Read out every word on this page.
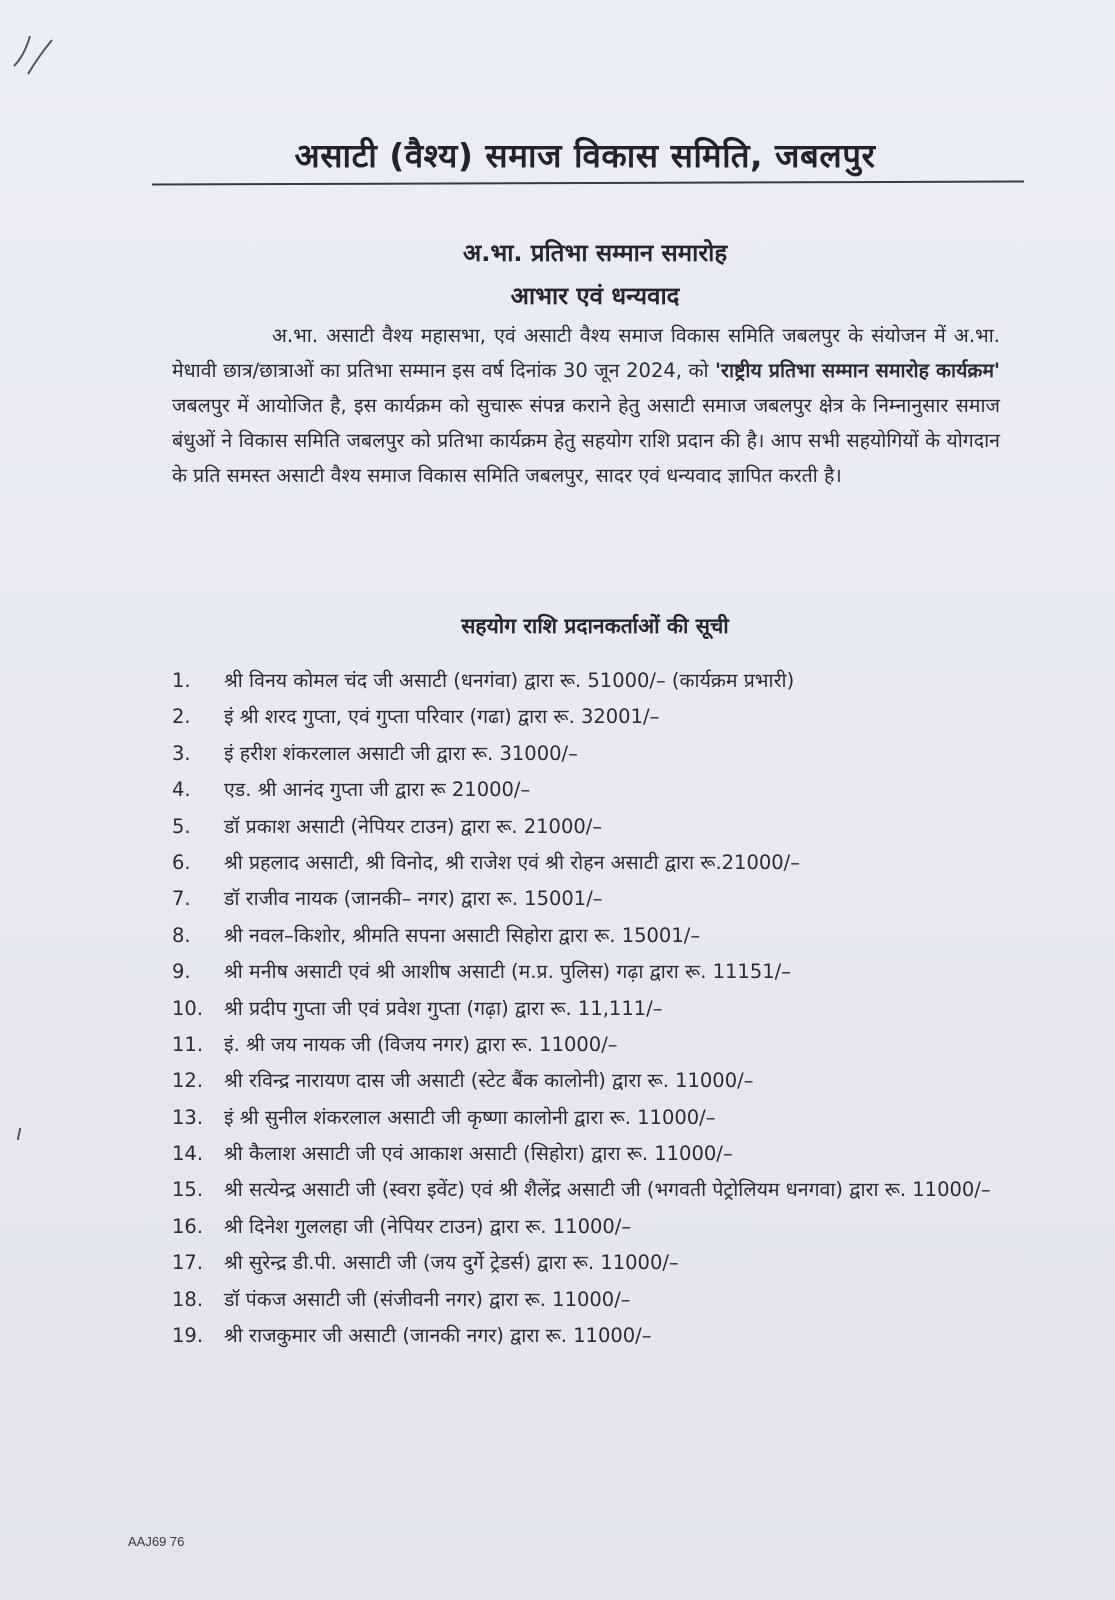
असाटी (वैश्य) समाज विकास समिति, जबलपुर
अ.भा. प्रतिभा सम्मान समारोह
आभार एवं धन्यवाद
अ.भा. असाटी वैश्य महासभा, एवं असाटी वैश्य समाज विकास समिति जबलपुर के संयोजन में अ.भा. मेधावी छात्र/छात्राओं का प्रतिभा सम्मान इस वर्ष दिनांक 30 जून 2024, को 'राष्ट्रीय प्रतिभा सम्मान समारोह कार्यक्रम' जबलपुर में आयोजित है, इस कार्यक्रम को सुचारू संपन्न कराने हेतु असाटी समाज जबलपुर क्षेत्र के निम्नानुसार समाज बंधुओं ने विकास समिति जबलपुर को प्रतिभा कार्यक्रम हेतु सहयोग राशि प्रदान की है। आप सभी सहयोगियों के योगदान के प्रति समस्त असाटी वैश्य समाज विकास समिति जबलपुर, सादर एवं धन्यवाद ज्ञापित करती है।
सहयोग राशि प्रदानकर्ताओं की सूची
1.	श्री विनय कोमल चंद जी असाटी (धनगंवा) द्वारा रू. 51000/– (कार्यक्रम प्रभारी)
2.	इं श्री शरद गुप्ता, एवं गुप्ता परिवार (गढा) द्वारा रू. 32001/–
3.	इं हरीश शंकरलाल असाटी जी द्वारा रू. 31000/–
4.	एड. श्री आनंद गुप्ता जी द्वारा रू 21000/–
5.	डॉ प्रकाश असाटी (नेपियर टाउन) द्वारा रू. 21000/–
6.	श्री प्रहलाद असाटी, श्री विनोद, श्री राजेश एवं श्री रोहन असाटी द्वारा रू.21000/–
7.	डॉ राजीव नायक (जानकी– नगर) द्वारा रू. 15001/–
8.	श्री नवल–किशोर, श्रीमति सपना असाटी सिहोरा द्वारा रू. 15001/–
9.	श्री मनीष असाटी एवं श्री आशीष असाटी (म.प्र. पुलिस) गढ़ा द्वारा रू. 11151/–
10.	श्री प्रदीप गुप्ता जी एवं प्रवेश गुप्ता (गढ़ा) द्वारा रू. 11,111/–
11.	इं. श्री जय नायक जी (विजय नगर) द्वारा रू. 11000/–
12.	श्री रविन्द्र नारायण दास जी असाटी (स्टेट बैंक कालोनी) द्वारा रू. 11000/–
13.	इं श्री सुनील शंकरलाल असाटी जी कृष्णा कालोनी द्वारा रू. 11000/–
14.	श्री कैलाश असाटी जी एवं आकाश असाटी (सिहोरा) द्वारा रू. 11000/–
15.	श्री सत्येन्द्र असाटी जी (स्वरा इवेंट) एवं श्री शैलेंद्र असाटी जी (भगवती पेट्रोलियम धनगवा) द्वारा रू. 11000/–
16.	श्री दिनेश गुललहा जी (नेपियर टाउन) द्वारा रू. 11000/–
17.	श्री सुरेन्द्र डी.पी. असाटी जी (जय दुर्गे ट्रेडर्स) द्वारा रू. 11000/–
18.	डॉ पंकज असाटी जी (संजीवनी नगर) द्वारा रू. 11000/–
19.	श्री राजकुमार जी असाटी (जानकी नगर) द्वारा रू. 11000/–
AAJ69 76
